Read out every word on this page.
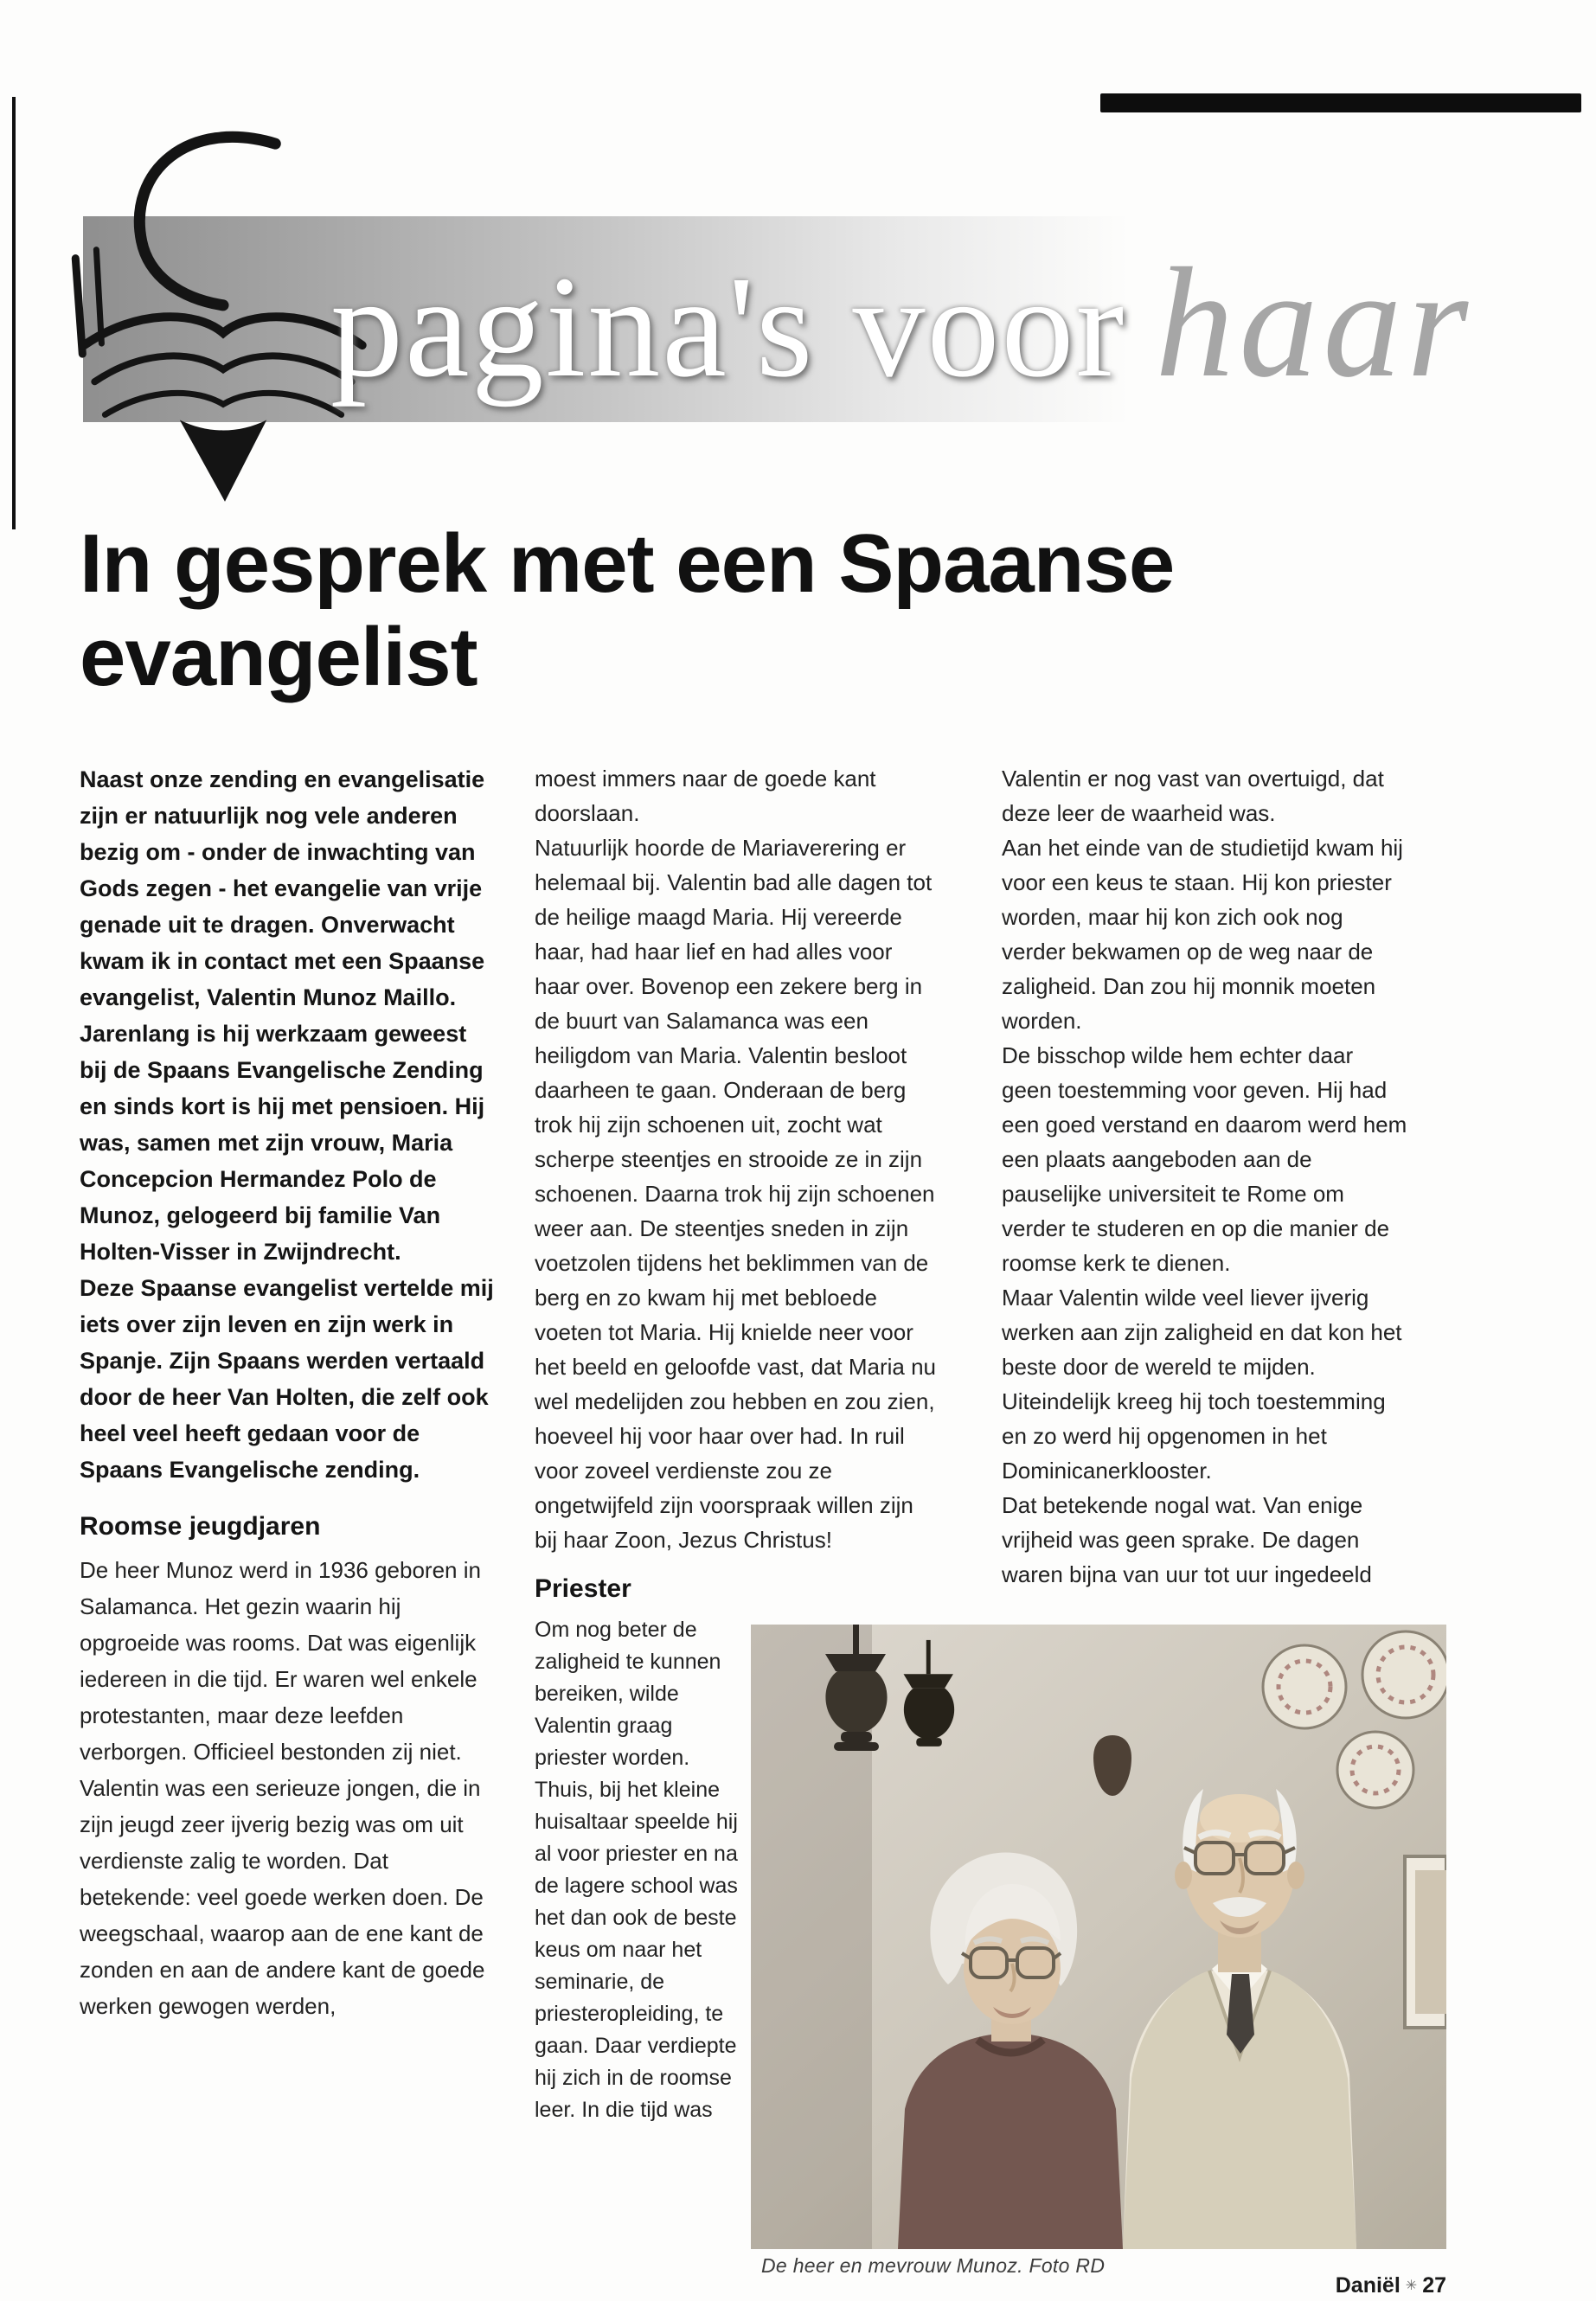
pagina's voor haar
In gesprek met een Spaanse evangelist

Naast onze zending en evangelisatie zijn er natuurlijk nog vele anderen bezig om - onder de inwachting van Gods zegen - het evangelie van vrije genade uit te dragen. Onverwacht kwam ik in contact met een Spaanse evangelist, Valentin Munoz Maillo. Jarenlang is hij werkzaam geweest bij de Spaans Evangelische Zending en sinds kort is hij met pensioen. Hij was, samen met zijn vrouw, Maria Concepcion Hermandez Polo de Munoz, gelogeerd bij familie Van Holten-Visser in Zwijndrecht.

Deze Spaanse evangelist vertelde mij iets over zijn leven en zijn werk in Spanje. Zijn Spaans werden vertaald door de heer Van Holten, die zelf ook heel veel heeft gedaan voor de Spaans Evangelische zending.

Roomse jeugdjaren

De heer Munoz werd in 1936 geboren in Salamanca. Het gezin waarin hij opgroeide was rooms. Dat was eigenlijk iedereen in die tijd. Er waren wel enkele protestanten, maar deze leefden verborgen. Officieel bestonden zij niet.

Valentin was een serieuze jongen, die in zijn jeugd zeer ijverig bezig was om uit verdienste zalig te worden. Dat betekende: veel goede werken doen. De weegschaal, waarop aan de ene kant de zonden en aan de andere kant de goede werken gewogen werden,

moest immers naar de goede kant doorslaan.

Natuurlijk hoorde de Mariaverering er helemaal bij. Valentin bad alle dagen tot de heilige maagd Maria. Hij vereerde haar, had haar lief en had alles voor haar over. Bovenop een zekere berg in de buurt van Salamanca was een heiligdom van Maria. Valentin besloot daarheen te gaan. Onderaan de berg trok hij zijn schoenen uit, zocht wat scherpe steentjes en strooide ze in zijn schoenen. Daarna trok hij zijn schoenen weer aan. De steentjes sneden in zijn voetzolen tijdens het beklimmen van de berg en zo kwam hij met bebloede voeten tot Maria. Hij knielde neer voor het beeld en geloofde vast, dat Maria nu wel medelijden zou hebben en zou zien, hoeveel hij voor haar over had. In ruil voor zoveel verdienste zou ze ongetwijfeld zijn voorspraak willen zijn bij haar Zoon, Jezus Christus!

Priester

Om nog beter de zaligheid te kunnen bereiken, wilde Valentin graag priester worden. Thuis, bij het kleine huisaltaar speelde hij al voor priester en na de lagere school was het dan ook de beste keus om naar het seminarie, de priesteropleiding, te gaan. Daar verdiepte hij zich in de roomse leer. In die tijd was

Valentin er nog vast van overtuigd, dat deze leer de waarheid was.

Aan het einde van de studietijd kwam hij voor een keus te staan. Hij kon priester worden, maar hij kon zich ook nog verder bekwamen op de weg naar de zaligheid. Dan zou hij monnik moeten worden.

De bisschop wilde hem echter daar geen toestemming voor geven. Hij had een goed verstand en daarom werd hem een plaats aangeboden aan de pauselijke universiteit te Rome om verder te studeren en op die manier de roomse kerk te dienen.

Maar Valentin wilde veel liever ijverig werken aan zijn zaligheid en dat kon het beste door de wereld te mijden. Uiteindelijk kreeg hij toch toestemming en zo werd hij opgenomen in het Dominicanerklooster.

Dat betekende nogal wat. Van enige vrijheid was geen sprake. De dagen waren bijna van uur tot uur ingedeeld

De heer en mevrouw Munoz. Foto RD
Daniël ✳ 27
